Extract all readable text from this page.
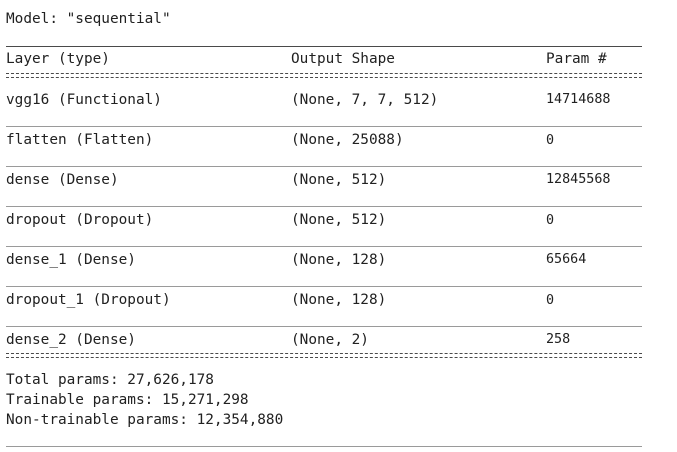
Model: "sequential"
Layer (type)	Output Shape	Param #
vgg16 (Functional)	(None, 7, 7, 512)	14714688
flatten (Flatten)	(None, 25088)	0
dense (Dense)	(None, 512)	12845568
dropout (Dropout)	(None, 512)	0
dense_1 (Dense)	(None, 128)	65664
dropout_1 (Dropout)	(None, 128)	0
dense_2 (Dense)	(None, 2)	258
Total params: 27,626,178
Trainable params: 15,271,298
Non-trainable params: 12,354,880
